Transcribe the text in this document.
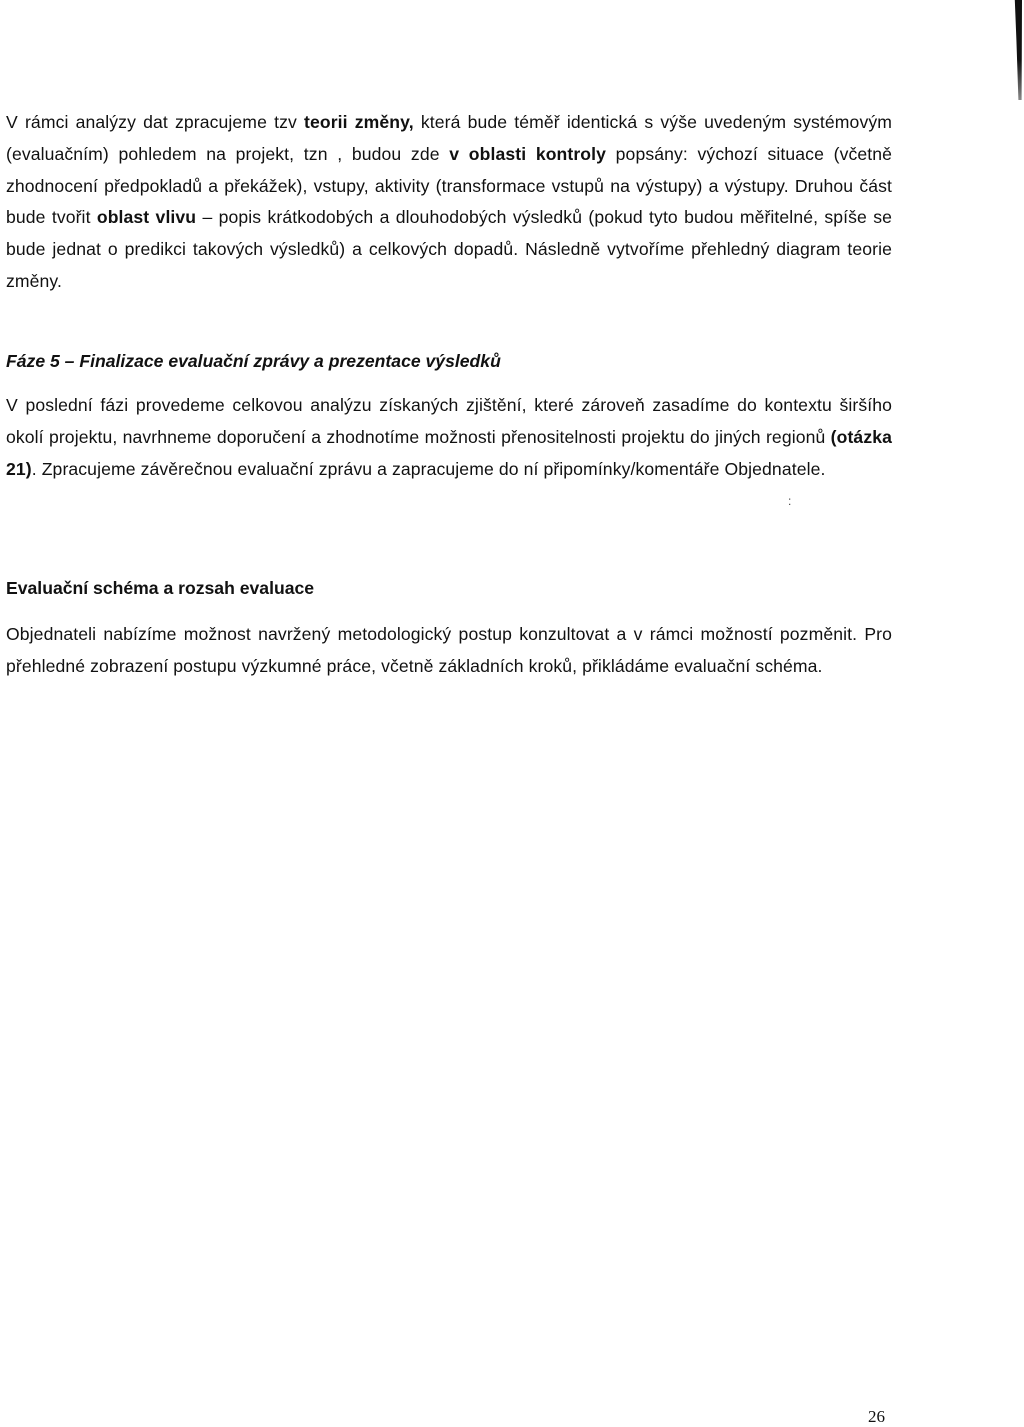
V rámci analýzy dat zpracujeme tzv teorii změny, která bude téměř identická s výše uvedeným systémovým (evaluačním) pohledem na projekt, tzn , budou zde v oblasti kontroly popsány: výchozí situace (včetně zhodnocení předpokladů a překážek), vstupy, aktivity (transformace vstupů na výstupy) a výstupy. Druhou část bude tvořit oblast vlivu – popis krátkodobých a dlouhodobých výsledků (pokud tyto budou měřitelné, spíše se bude jednat o predikci takových výsledků) a celkových dopadů. Následně vytvoříme přehledný diagram teorie změny.

Fáze 5 – Finalizace evaluační zprávy a prezentace výsledků

V poslední fázi provedeme celkovou analýzu získaných zjištění, které zároveň zasadíme do kontextu širšího okolí projektu, navrhneme doporučení a zhodnotíme možnosti přenositelnosti projektu do jiných regionů (otázka 21). Zpracujeme závěrečnou evaluační zprávu a zapracujeme do ní připomínky/komentáře Objednatele.

:
Evaluační schéma a rozsah evaluace

Objednateli nabízíme možnost navržený metodologický postup konzultovat a v rámci možností pozměnit. Pro přehledné zobrazení postupu výzkumné práce, včetně základních kroků, přikládáme evaluační schéma.

26
